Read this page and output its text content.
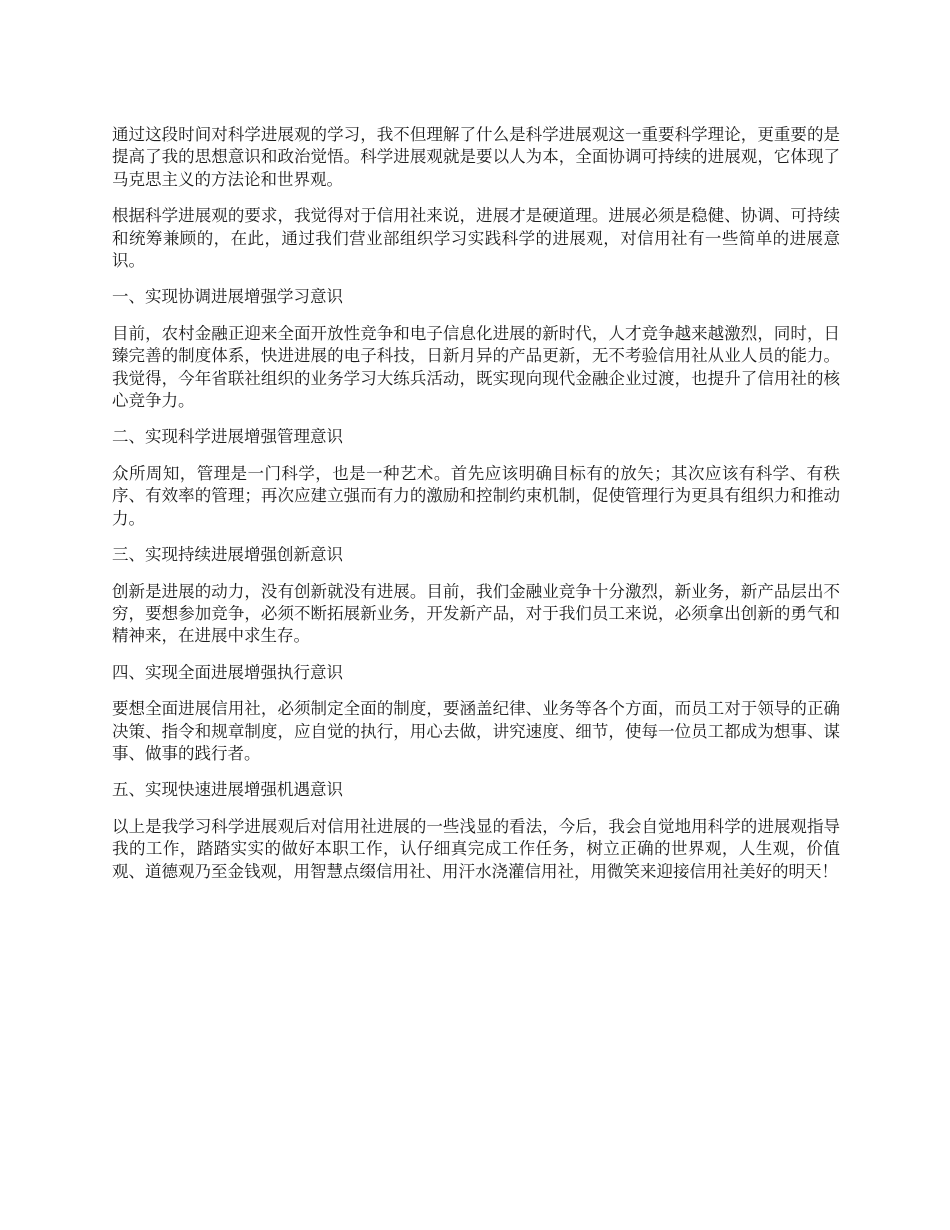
通过这段时间对科学进展观的学习，我不但理解了什么是科学进展观这一重要科学理论，更重要的是提高了我的思想意识和政治觉悟。科学进展观就是要以人为本，全面协调可持续的进展观，它体现了马克思主义的方法论和世界观。

根据科学进展观的要求，我觉得对于信用社来说，进展才是硬道理。进展必须是稳健、协调、可持续和统筹兼顾的，在此，通过我们营业部组织学习实践科学的进展观，对信用社有一些简单的进展意识。

一、实现协调进展增强学习意识

目前，农村金融正迎来全面开放性竞争和电子信息化进展的新时代，人才竞争越来越激烈，同时，日臻完善的制度体系，快进进展的电子科技，日新月异的产品更新，无不考验信用社从业人员的能力。我觉得，今年省联社组织的业务学习大练兵活动，既实现向现代金融企业过渡，也提升了信用社的核心竞争力。

二、实现科学进展增强管理意识

众所周知，管理是一门科学，也是一种艺术。首先应该明确目标有的放矢；其次应该有科学、有秩序、有效率的管理；再次应建立强而有力的激励和控制约束机制，促使管理行为更具有组织力和推动力。

三、实现持续进展增强创新意识

创新是进展的动力，没有创新就没有进展。目前，我们金融业竞争十分激烈，新业务，新产品层出不穷，要想参加竞争，必须不断拓展新业务，开发新产品，对于我们员工来说，必须拿出创新的勇气和精神来，在进展中求生存。

四、实现全面进展增强执行意识

要想全面进展信用社，必须制定全面的制度，要涵盖纪律、业务等各个方面，而员工对于领导的正确决策、指令和规章制度，应自觉的执行，用心去做，讲究速度、细节，使每一位员工都成为想事、谋事、做事的践行者。

五、实现快速进展增强机遇意识

以上是我学习科学进展观后对信用社进展的一些浅显的看法，今后，我会自觉地用科学的进展观指导我的工作，踏踏实实的做好本职工作，认仔细真完成工作任务，树立正确的世界观，人生观，价值观、道德观乃至金钱观，用智慧点缀信用社、用汗水浇灌信用社，用微笑来迎接信用社美好的明天！
